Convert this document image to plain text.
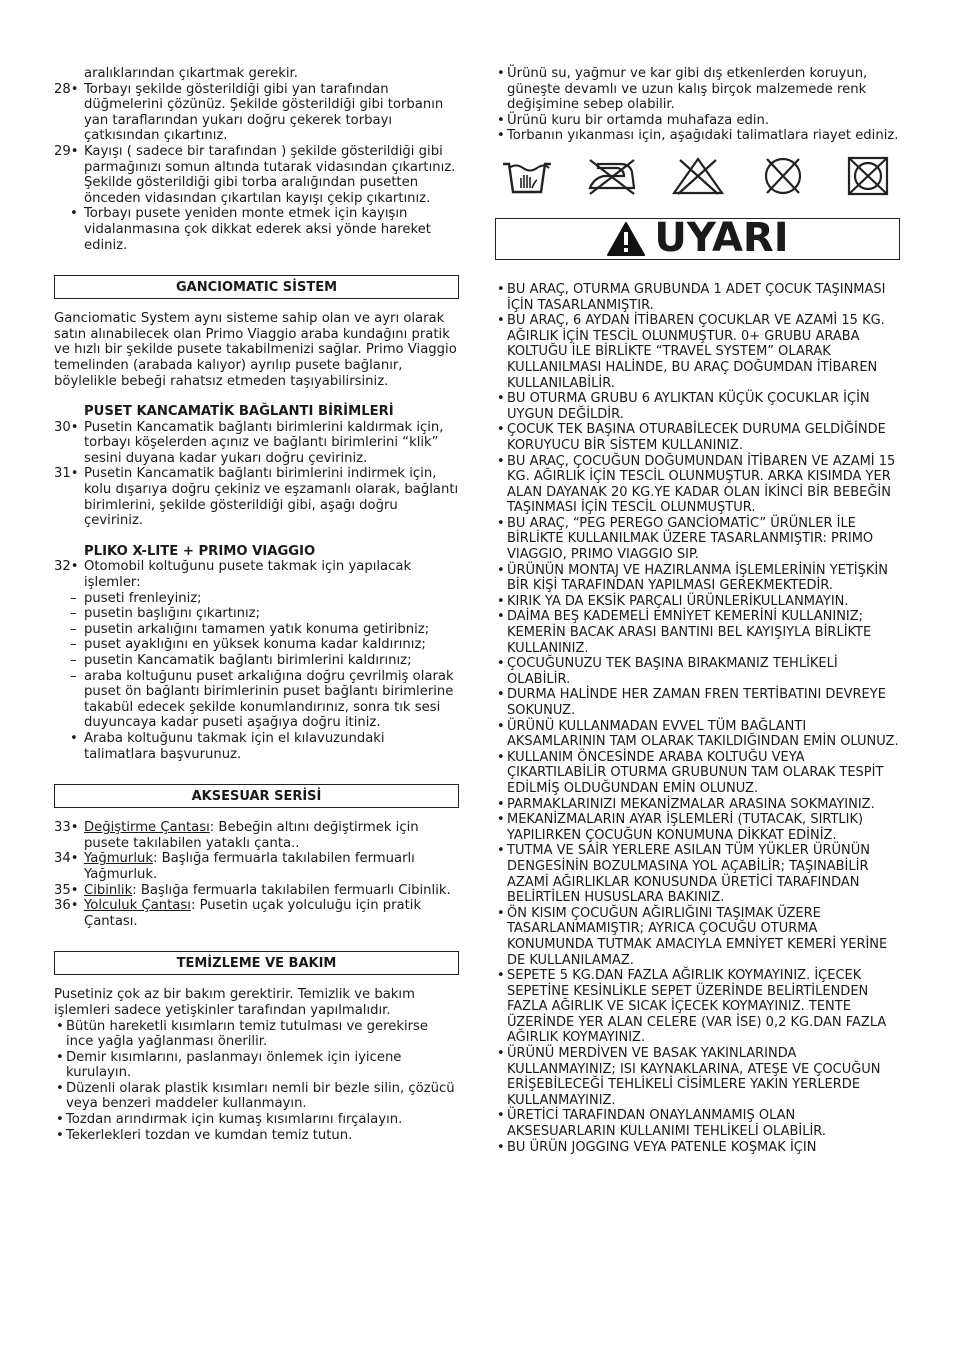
aralıklarından çıkartmak gerekir.

28• Torbayı şekilde gösterildiği gibi yan tarafından düğmelerini çözünüz. Şekilde gösterildiği gibi torbanın yan taraflarından yukarı doğru çekerek torbayı çatkısından çıkartınız.
29• Kayışı ( sadece bir tarafından ) şekilde gösterildiği gibi parmağınızı somun altında tutarak vidasından çıkartınız. Şekilde gösterildiği gibi torba aralığından pusetten önceden vidasından çıkartılan kayışı çekip çıkartınız.
• Torbayı pusete yeniden monte etmek için kayışın vidalanmasına çok dikkat ederek aksi yönde hareket ediniz.
GANCIOMATIC SİSTEM

Ganciomatic System aynı sisteme sahip olan ve ayrı olarak satın alınabilecek olan Primo Viaggio araba kundağını pratik ve hızlı bir şekilde pusete takabilmenizi sağlar. Primo Viaggio temelinden (arabada kalıyor) ayrılıp pusete bağlanır, böylelikle bebeği rahatsız etmeden taşıyabilirsiniz.

PUSET KANCAMATİK BAĞLANTI BİRİMLERİ
30• Pusetin Kancamatik bağlantı birimlerini kaldırmak için, torbayı köşelerden açınız ve bağlantı birimlerini “klik” sesini duyana kadar yukarı doğru çeviriniz.
31• Pusetin Kancamatik bağlantı birimlerini indirmek için, kolu dışarıya doğru çekiniz ve eşzamanlı olarak, bağlantı birimlerini, şekilde gösterildiği gibi, aşağı doğru çeviriniz.
PLIKO X-LITE + PRIMO VIAGGIO
32• Otomobil koltuğunu pusete takmak için yapılacak işlemler:
– puseti frenleyiniz;
– pusetin başlığını çıkartınız;
– pusetin arkalığını tamamen yatık konuma getiribniz;
– puset ayaklığını en yüksek konuma kadar kaldırınız;
– pusetin Kancamatik bağlantı birimlerini kaldırınız;
– araba koltuğunu puset arkalığına doğru çevrilmiş olarak puset ön bağlantı birimlerinin puset bağlantı birimlerine takabül edecek şekilde konumlandırınız, sonra tık sesi duyuncaya kadar puseti aşağıya doğru itiniz.
• Araba koltuğunu takmak için el kılavuzundaki talimatlara başvurunuz.
AKSESUAR SERİSİ
33• Değiştirme Çantası: Bebeğin altını değiştirmek için pusete takılabilen yataklı çanta..
34• Yağmurluk: Başlığa fermuarla takılabilen fermuarlı Yağmurluk.
35• Cibinlik: Başlığa fermuarla takılabilen fermuarlı Cibinlik.
36• Yolculuk Çantası: Pusetin uçak yolculuğu için pratik Çantası.
TEMİZLEME VE BAKIM

Pusetiniz çok az bir bakım gerektirir. Temizlik ve bakım işlemleri sadece yetişkinler tarafından yapılmalıdır.

• Bütün hareketli kısımların temiz tutulması ve gerekirse ince yağla yağlanması önerilir.
• Demir kısımlarını, paslanmayı önlemek için iyicene kurulayın.
• Düzenli olarak plastik kısımları nemli bir bezle silin, çözücü veya benzeri maddeler kullanmayın.
• Tozdan arındırmak için kumaş kısımlarını fırçalayın.
• Tekerlekleri tozdan ve kumdan temiz tutun.
• Ürünü su, yağmur ve kar gibi dış etkenlerden koruyun, güneşte devamlı ve uzun kalış birçok malzemede renk değişimine sebep olabilir.
• Ürünü kuru bir ortamda muhafaza edin.
• Torbanın yıkanması için, aşağıdaki talimatlara riayet ediniz.
UYARI
• BU ARAÇ, OTURMA GRUBUNDA 1 ADET ÇOCUK TAŞINMASI İÇİN TASARLANMIŞTIR.
• BU ARAÇ, 6 AYDAN İTİBAREN ÇOCUKLAR VE AZAMİ 15 KG. AĞIRLIK İÇİN TESCİL OLUNMUŞTUR. 0+ GRUBU ARABA KOLTUĞU İLE BİRLİKTE “TRAVEL SYSTEM” OLARAK KULLANILMASI HALİNDE, BU ARAÇ DOĞUMDAN İTİBAREN KULLANILABİLİR.
• BU OTURMA GRUBU 6 AYLIKTAN KÜÇÜK ÇOCUKLAR İÇİN UYGUN DEĞİLDİR.
• ÇOCUK TEK BAŞINA OTURABİLECEK DURUMA GELDİĞİNDE KORUYUCU BİR SİSTEM KULLANINIZ.
• BU ARAÇ, ÇOCUĞUN DOĞUMUNDAN İTİBAREN VE AZAMİ 15 KG. AĞIRLIK İÇİN TESCİL OLUNMUŞTUR. ARKA KISIMDA YER ALAN DAYANAK 20 KG.YE KADAR OLAN İKİNCİ BİR BEBEĞİN TAŞINMASI İÇİN TESCİL OLUNMUŞTUR.
• BU ARAÇ, “PEG PEREGO GANCİOMATİC” ÜRÜNLER İLE BİRLİKTE KULLANILMAK ÜZERE TASARLANMIŞTIR: PRIMO VIAGGIO, PRIMO VIAGGIO SIP.
• ÜRÜNÜN MONTAJ VE HAZIRLANMA İŞLEMLERİNİN YETİŞKİN BİR KİŞİ TARAFINDAN YAPILMASI GEREKMEKTEDİR.
• KIRIK YA DA EKSİK PARÇALI ÜRÜNLERİKULLANMAYIN.
• DAİMA BEŞ KADEMELİ EMNİYET KEMERİNİ KULLANINIZ; KEMERİN BACAK ARASI BANTINI BEL KAYIŞIYLA BİRLİKTE KULLANINIZ.
• ÇOCUĞUNUZU TEK BAŞINA BIRAKMANIZ TEHLİKELİ OLABİLİR.
• DURMA HALİNDE HER ZAMAN FREN TERTİBATINI DEVREYE SOKUNUZ.
• ÜRÜNÜ KULLANMADAN EVVEL TÜM BAĞLANTI AKSAMLARININ TAM OLARAK TAKILDIĞINDAN EMİN OLUNUZ.
• KULLANIM ÖNCESİNDE ARABA KOLTUĞU VEYA ÇIKARTILABİLİR OTURMA GRUBUNUN TAM OLARAK TESPİT EDİLMİŞ OLDUĞUNDAN EMİN OLUNUZ.
• PARMAKLARINIZI MEKANİZMALAR ARASINA SOKMAYINIZ.
• MEKANİZMALARIN AYAR İŞLEMLERİ (TUTACAK, SIRTLIK) YAPILIRKEN ÇOCUĞUN KONUMUNA DİKKAT EDİNİZ.
• TUTMA VE SAİR YERLERE ASILAN TÜM YÜKLER ÜRÜNÜN DENGESİNİN BOZULMASINA YOL AÇABİLİR; TAŞINABİLİR AZAMİ AĞIRLIKLAR KONUSUNDA ÜRETİCİ TARAFINDAN BELİRTİLEN HUSUSLARA BAKINIZ.
• ÖN KISIM ÇOCUĞUN AĞIRLIĞINI TAŞIMAK ÜZERE TASARLANMAMIŞTIR; AYRICA ÇOCUĞU OTURMA KONUMUNDA TUTMAK AMACIYLA EMNİYET KEMERİ YERİNE DE KULLANILAMAZ.
• SEPETE 5 KG.DAN FAZLA AĞIRLIK KOYMAYINIZ. İÇECEK SEPETİNE KESİNLİKLE SEPET ÜZERİNDE BELİRTİLENDEN FAZLA AĞIRLIK VE SICAK İÇECEK KOYMAYINIZ. TENTE ÜZERİNDE YER ALAN CELERE (VAR İSE) 0,2 KG.DAN FAZLA AĞIRLIK KOYMAYINIZ.
• ÜRÜNÜ MERDİVEN VE BASAK YAKINLARINDA KULLANMAYINIZ; ISI KAYNAKLARINA, ATEŞE VE ÇOCUĞUN ERİŞEBİLECEĞİ TEHLİKELİ CİSİMLERE YAKIN YERLERDE KULLANMAYINIZ.
• ÜRETİCİ TARAFINDAN ONAYLANMAMIŞ OLAN AKSESUARLARIN KULLANIMI TEHLİKELİ OLABİLİR.
• BU ÜRÜN JOGGING VEYA PATENLE KOŞMAK İÇIN
